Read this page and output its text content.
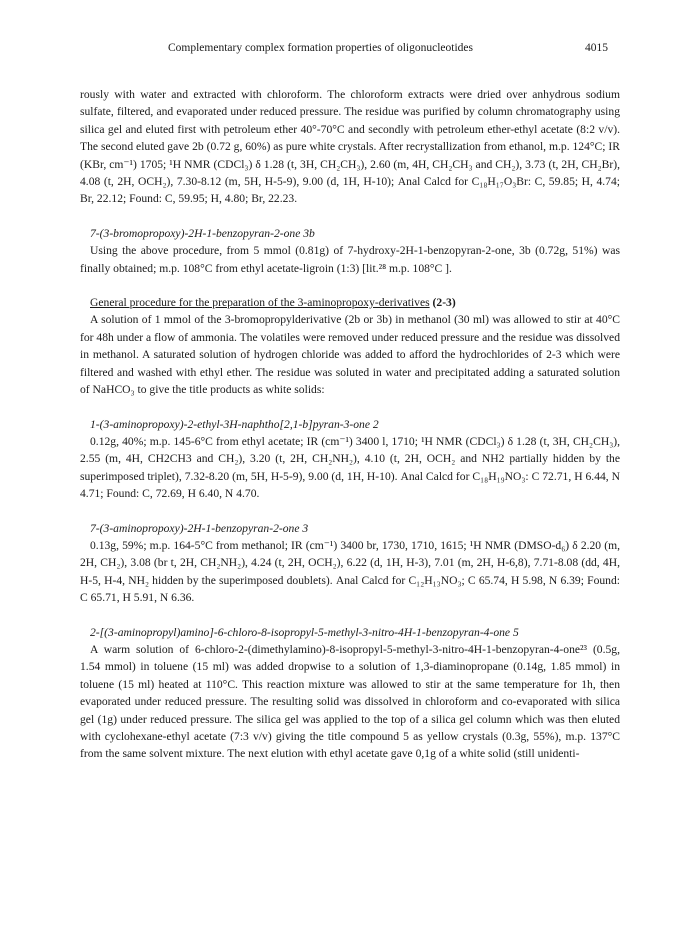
Complementary complex formation properties of oligonucleotides	4015

rously with water and extracted with chloroform. The chloroform extracts were dried over anhydrous sodium sulfate, filtered, and evaporated under reduced pressure. The residue was purified by column chromatography using silica gel and eluted first with petroleum ether 40°-70°C and secondly with petroleum ether-ethyl acetate (8:2 v/v). The second eluted gave 2b (0.72 g, 60%) as pure white crystals. After recrystallization from ethanol, m.p. 124°C; IR (KBr, cm⁻¹) 1705; ¹H NMR (CDCl₃) δ 1.28 (t, 3H, CH₂CH₃), 2.60 (m, 4H, CH₂CH₃ and CH₂), 3.73 (t, 2H, CH₂Br), 4.08 (t, 2H, OCH₂), 7.30-8.12 (m, 5H, H-5-9), 9.00 (d, 1H, H-10); Anal Calcd for C₁₈H₁₇O₃Br: C, 59.85; H, 4.74; Br, 22.12; Found: C, 59.95; H, 4.80; Br, 22.23.

7-(3-bromopropoxy)-2H-1-benzopyran-2-one 3b

Using the above procedure, from 5 mmol (0.81g) of 7-hydroxy-2H-1-benzopyran-2-one, 3b (0.72g, 51%) was finally obtained; m.p. 108°C from ethyl acetate-ligroin (1:3) [lit.²⁸ m.p. 108°C ].

General procedure for the preparation of the 3-aminopropoxy-derivatives (2-3)

A solution of 1 mmol of the 3-bromopropylderivative (2b or 3b) in methanol (30 ml) was allowed to stir at 40°C for 48h under a flow of ammonia. The volatiles were removed under reduced pressure and the residue was dissolved in methanol. A saturated solution of hydrogen chloride was added to afford the hydrochlorides of 2-3 which were filtered and washed with ethyl ether. The residue was soluted in water and precipitated adding a saturated solution of NaHCO₃ to give the title products as white solids:

1-(3-aminopropoxy)-2-ethyl-3H-naphtho[2,1-b]pyran-3-one 2

0.12g, 40%; m.p. 145-6°C from ethyl acetate; IR (cm⁻¹) 3400 l, 1710; ¹H NMR (CDCl₃) δ 1.28 (t, 3H, CH₂CH₃), 2.55 (m, 4H, CH2CH3 and CH₂), 3.20 (t, 2H, CH₂NH₂), 4.10 (t, 2H, OCH₂ and NH2 partially hidden by the superimposed triplet), 7.32-8.20 (m, 5H, H-5-9), 9.00 (d, 1H, H-10). Anal Calcd for C₁₈H₁₉NO₃: C 72.71, H 6.44, N 4.71; Found: C, 72.69, H 6.40, N 4.70.

7-(3-aminopropoxy)-2H-1-benzopyran-2-one 3

0.13g, 59%; m.p. 164-5°C from methanol; IR (cm⁻¹) 3400 br, 1730, 1710, 1615; ¹H NMR (DMSO-d₆) δ 2.20 (m, 2H, CH₂), 3.08 (br t, 2H, CH₂NH₂), 4.24 (t, 2H, OCH₂), 6.22 (d, 1H, H-3), 7.01 (m, 2H, H-6,8), 7.71-8.08 (dd, 4H, H-5, H-4, NH₂ hidden by the superimposed doublets). Anal Calcd for C₁₂H₁₃NO₃; C 65.74, H 5.98, N 6.39; Found: C 65.71, H 5.91, N 6.36.

2-[(3-aminopropyl)amino]-6-chloro-8-isopropyl-5-methyl-3-nitro-4H-1-benzopyran-4-one 5

A warm solution of 6-chloro-2-(dimethylamino)-8-isopropyl-5-methyl-3-nitro-4H-1-benzopyran-4-one²³ (0.5g, 1.54 mmol) in toluene (15 ml) was added dropwise to a solution of 1,3-diaminopropane (0.14g, 1.85 mmol) in toluene (15 ml) heated at 110°C. This reaction mixture was allowed to stir at the same temperature for 1h, then evaporated under reduced pressure. The resulting solid was dissolved in chloroform and co-evaporated with silica gel (1g) under reduced pressure. The silica gel was applied to the top of a silica gel column which was then eluted with cyclohexane-ethyl acetate (7:3 v/v) giving the title compound 5 as yellow crystals (0.3g, 55%), m.p. 137°C from the same solvent mixture. The next elution with ethyl acetate gave 0,1g of a white solid (still unidenti-
